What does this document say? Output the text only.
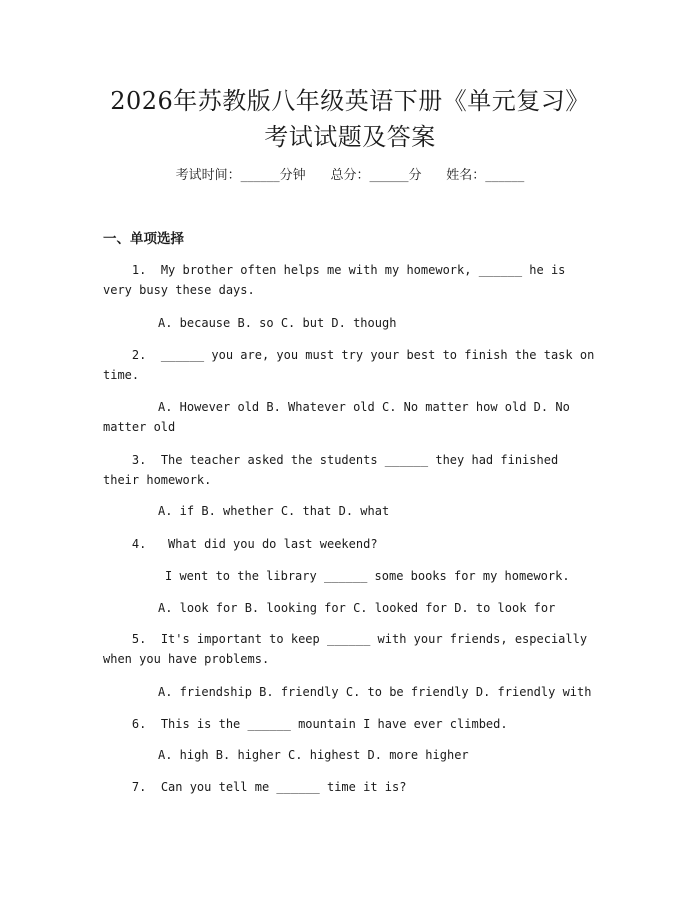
2026年苏教版八年级英语下册《单元复习》
考试试题及答案
考试时间：______分钟 总分：______分 姓名：______
一、单项选择
1. My brother often helps me with my homework, ______ he is very busy these days.
A. because B. so C. but D. though
2. ______ you are, you must try your best to finish the task on time.
A. However old B. Whatever old C. No matter how old D. No matter old
3. The teacher asked the students ______ they had finished their homework.
A. if B. whether C. that D. what
4.   What did you do last weekend?
I went to the library ______ some books for my homework.
A. look for B. looking for C. looked for D. to look for
5. It's important to keep ______ with your friends, especially when you have problems.
A. friendship B. friendly C. to be friendly D. friendly with
6. This is the ______ mountain I have ever climbed.
A. high B. higher C. highest D. more higher
7. Can you tell me ______ time it is?
